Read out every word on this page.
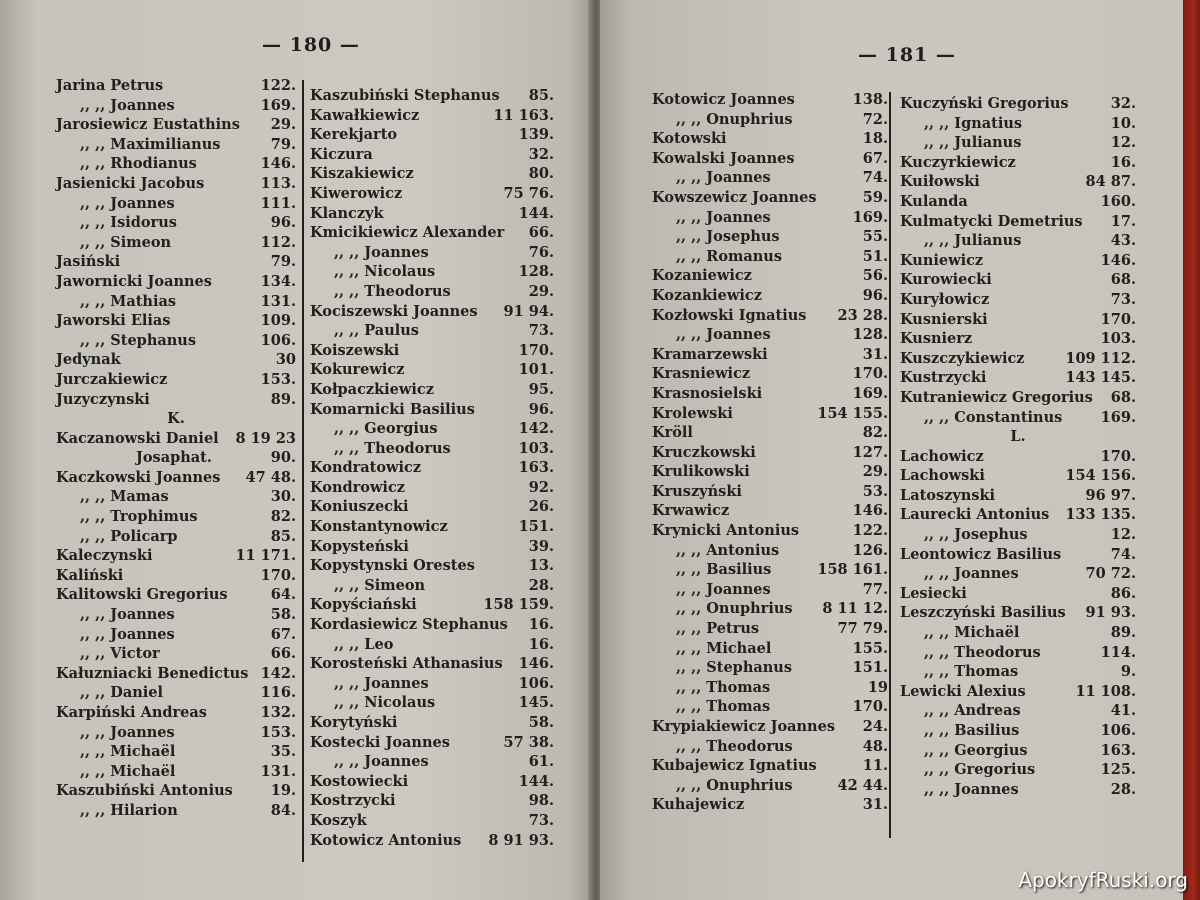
— 180 —
Jarina Petrus	122.
,, ,, Joannes	169.
Jarosiewicz Eustathins 29.
,, ,, Maximilianus	79.
,, ,, Rhodianus	146.
Jasienicki Jacobus	113.
,, ,, Joannes	111.
,, ,, Isidorus	96.
,, ,, Simeon	112.
Jasiński	79.
Jawornicki Joannes	134.
,, ,, Mathias	131.
Jaworski Elias	109.
,, ,, Stephanus	106.
Jedynak	30
Jurczakiewicz	153.
Juzyczynski	89.
K.
Kaczanowski Daniel 8 19 23
Josaphat.	90.
Kaczkowski Joannes 47 48.
,, ,, Mamas	30.
,, ,, Trophimus	82.
,, ,, Policarp	85.
Kaleczynski	11 171.
Kaliński	170.
Kalitowski Gregorius	64.
,, ,, Joannes	58.
,, ,, Joannes	67.
,, ,, Victor	66.
Kałuzniacki Benedictus 142.
,, ,, Daniel	116.
Karpiński Andreas	132.
,, ,, Joannes	153.
,, ,, Michaël	35.
,, ,, Michaël	131.
Kaszubiński Antonius	19.
,, ,, Hilarion	84.
Kaszubiński Stephanus 85.
Kawałkiewicz	11 163.
Kerekjarto	139.
Kiczura	32.
Kiszakiewicz	80.
Kiwerowicz	75 76.
Klanczyk	144.
Kmicikiewicz Alexander 66.
,, ,, Joannes	76.
,, ,, Nicolaus	128.
,, ,, Theodorus	29.
Kociszewski Joannes 91 94.
,, ,, Paulus	73.
Koiszewski	170.
Kokurewicz	101.
Kołpaczkiewicz	95.
Komarnicki Basilius	96.
,, ,, Georgius	142.
,, ,, Theodorus	103.
Kondratowicz	163.
Kondrowicz	92.
Koniuszecki	26.
Konstantynowicz	151.
Kopysteński	39.
Kopystynski Orestes	13.
,, ,, Simeon	28.
Kopyściański	158 159.
Kordasiewicz Stephanus 16.
,, ,, Leo	16.
Korosteński Athanasius 146.
,, ,, Joannes	106.
,, ,, Nicolaus	145.
Korytyński	58.
Kostecki Joannes	57 38.
,, ,, Joannes	61.
Kostowiecki	144.
Kostrzycki	98.
Koszyk	73.
Kotowicz Antonius 8 91 93.
— 181 —
Kotowicz Joannes	138.
,, ,, Onuphrius	72.
Kotowski	18.
Kowalski Joannes	67.
,, ,, Joannes	74.
Kowszewicz Joannes	59.
,, ,, Joannes	169.
,, ,, Josephus	55.
,, ,, Romanus	51.
Kozaniewicz	56.
Kozankiewicz	96.
Kozłowski Ignatius 23 28.
,, ,, Joannes	128.
Kramarzewski	31.
Krasniewicz	170.
Krasnosielski	169.
Krolewski	154 155.
Kröll	82.
Kruczkowski	127.
Krulikowski	29.
Kruszyński	53.
Krwawicz	146.
Krynicki Antonius	122.
,, ,, Antonius	126.
,, ,, Basilius	158 161.
,, ,, Joannes	77.
,, ,, Onuphrius 8 11 12.
,, ,, Petrus	77 79.
,, ,, Michael	155.
,, ,, Stephanus	151.
,, ,, Thomas	19
,, ,, Thomas	170.
Krypiakiewicz Joannes 24.
,, ,, Theodorus	48.
Kubajewicz Ignatius	11.
,, ,, Onuphrius	42 44.
Kuhajewicz	31.
Kuczyński Gregorius	32.
,, ,, Ignatius	10.
,, ,, Julianus	12.
Kuczyrkiewicz	16.
Kuiłowski	84 87.
Kulanda	160.
Kulmatycki Demetrius 17.
,, ,, Julianus	43.
Kuniewicz	146.
Kurowiecki	68.
Kuryłowicz	73.
Kusnierski	170.
Kusnierz	103.
Kuszczykiewicz	109 112.
Kustrzycki	143 145.
Kutraniewicz Gregorius 68.
,, ,, Constantinus	169.
L.
Lachowicz	170.
Lachowski	154 156.
Latoszynski	96 97.
Laurecki Antonius 133 135.
,, ,, Josephus	12.
Leontowicz Basilius	74.
,, ,, Joannes	70 72.
Lesiecki	86.
Leszczyński Basilius 91 93.
,, ,, Michaël	89.
,, ,, Theodorus	114.
,, ,, Thomas	9.
Lewicki Alexius	11 108.
,, ,, Andreas	41.
,, ,, Basilius	106.
,, ,, Georgius	163.
,, ,, Gregorius	125.
,, ,, Joannes	28.
ApokryfRuski.org
